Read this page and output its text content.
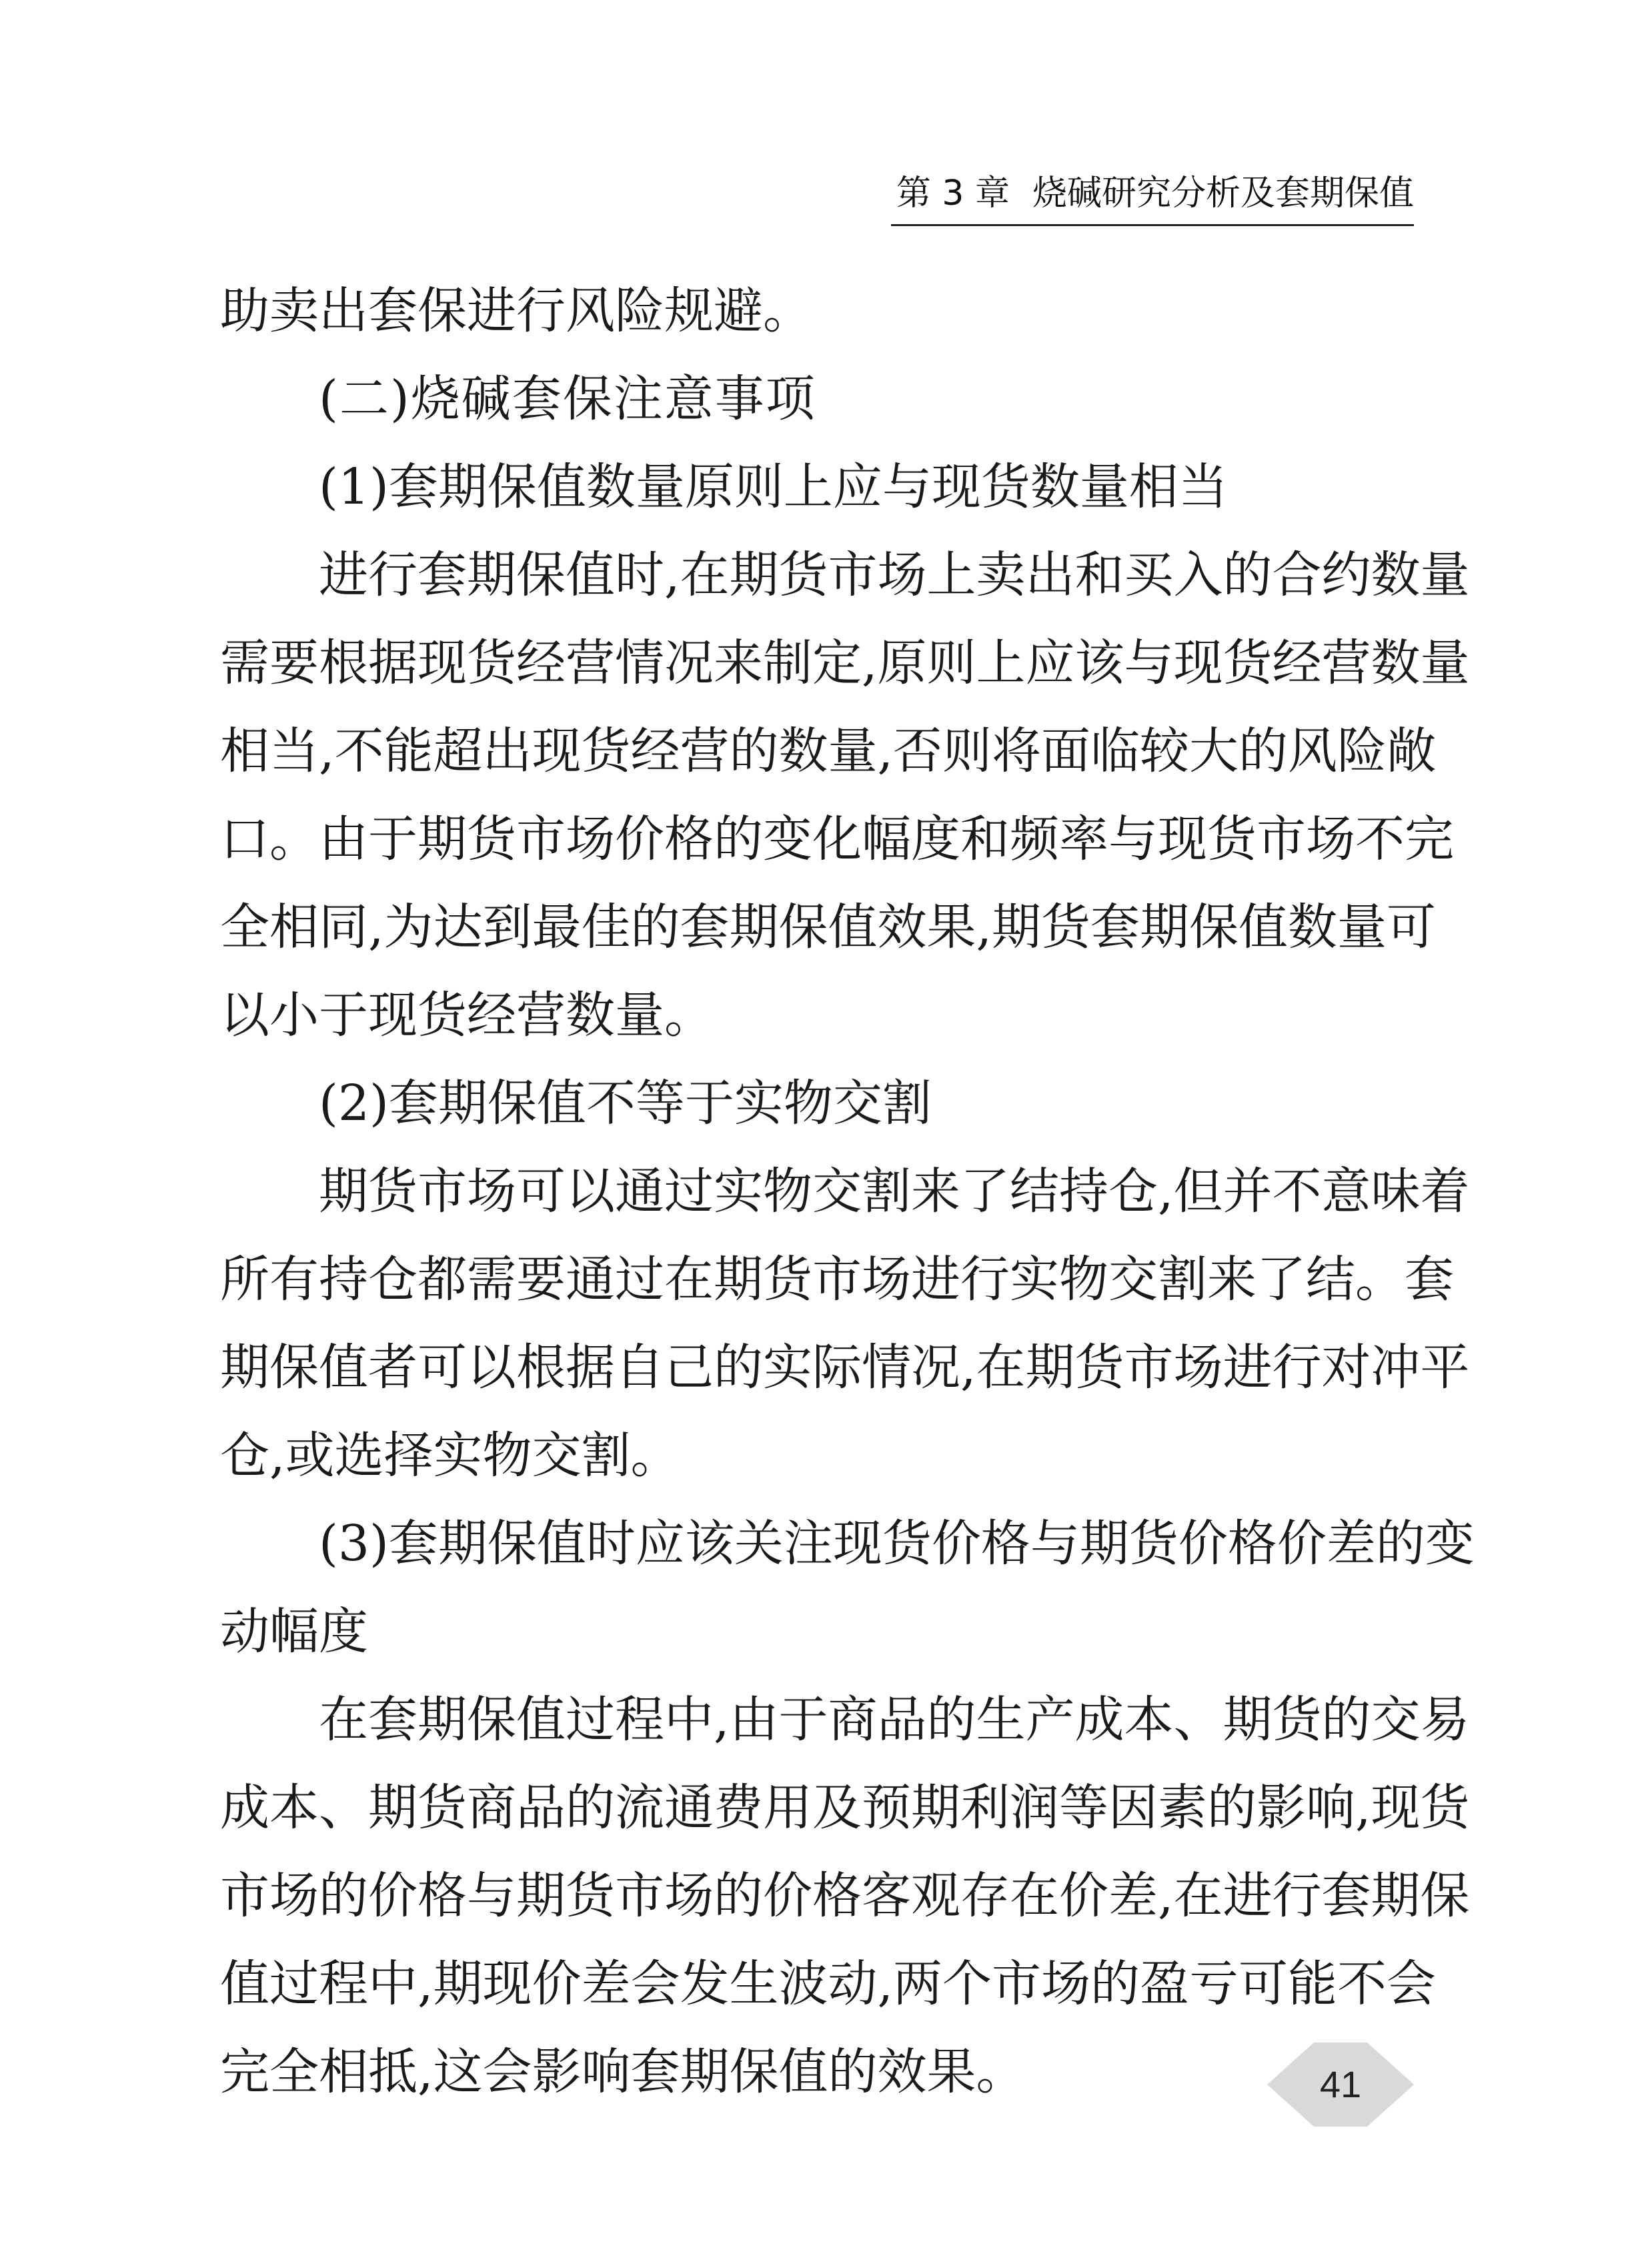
第 3 章 烧碱研究分析及套期保值
助卖出套保进行风险规避。
(二)烧碱套保注意事项
(1)套期保值数量原则上应与现货数量相当
进行套期保值时,在期货市场上卖出和买入的合约数量
需要根据现货经营情况来制定,原则上应该与现货经营数量
相当,不能超出现货经营的数量,否则将面临较大的风险敞
口。由于期货市场价格的变化幅度和频率与现货市场不完
全相同,为达到最佳的套期保值效果,期货套期保值数量可
以小于现货经营数量。
(2)套期保值不等于实物交割
期货市场可以通过实物交割来了结持仓,但并不意味着
所有持仓都需要通过在期货市场进行实物交割来了结。套
期保值者可以根据自己的实际情况,在期货市场进行对冲平
仓,或选择实物交割。
(3)套期保值时应该关注现货价格与期货价格价差的变
动幅度
在套期保值过程中,由于商品的生产成本、期货的交易
成本、期货商品的流通费用及预期利润等因素的影响,现货
市场的价格与期货市场的价格客观存在价差,在进行套期保
值过程中,期现价差会发生波动,两个市场的盈亏可能不会
完全相抵,这会影响套期保值的效果。	41
